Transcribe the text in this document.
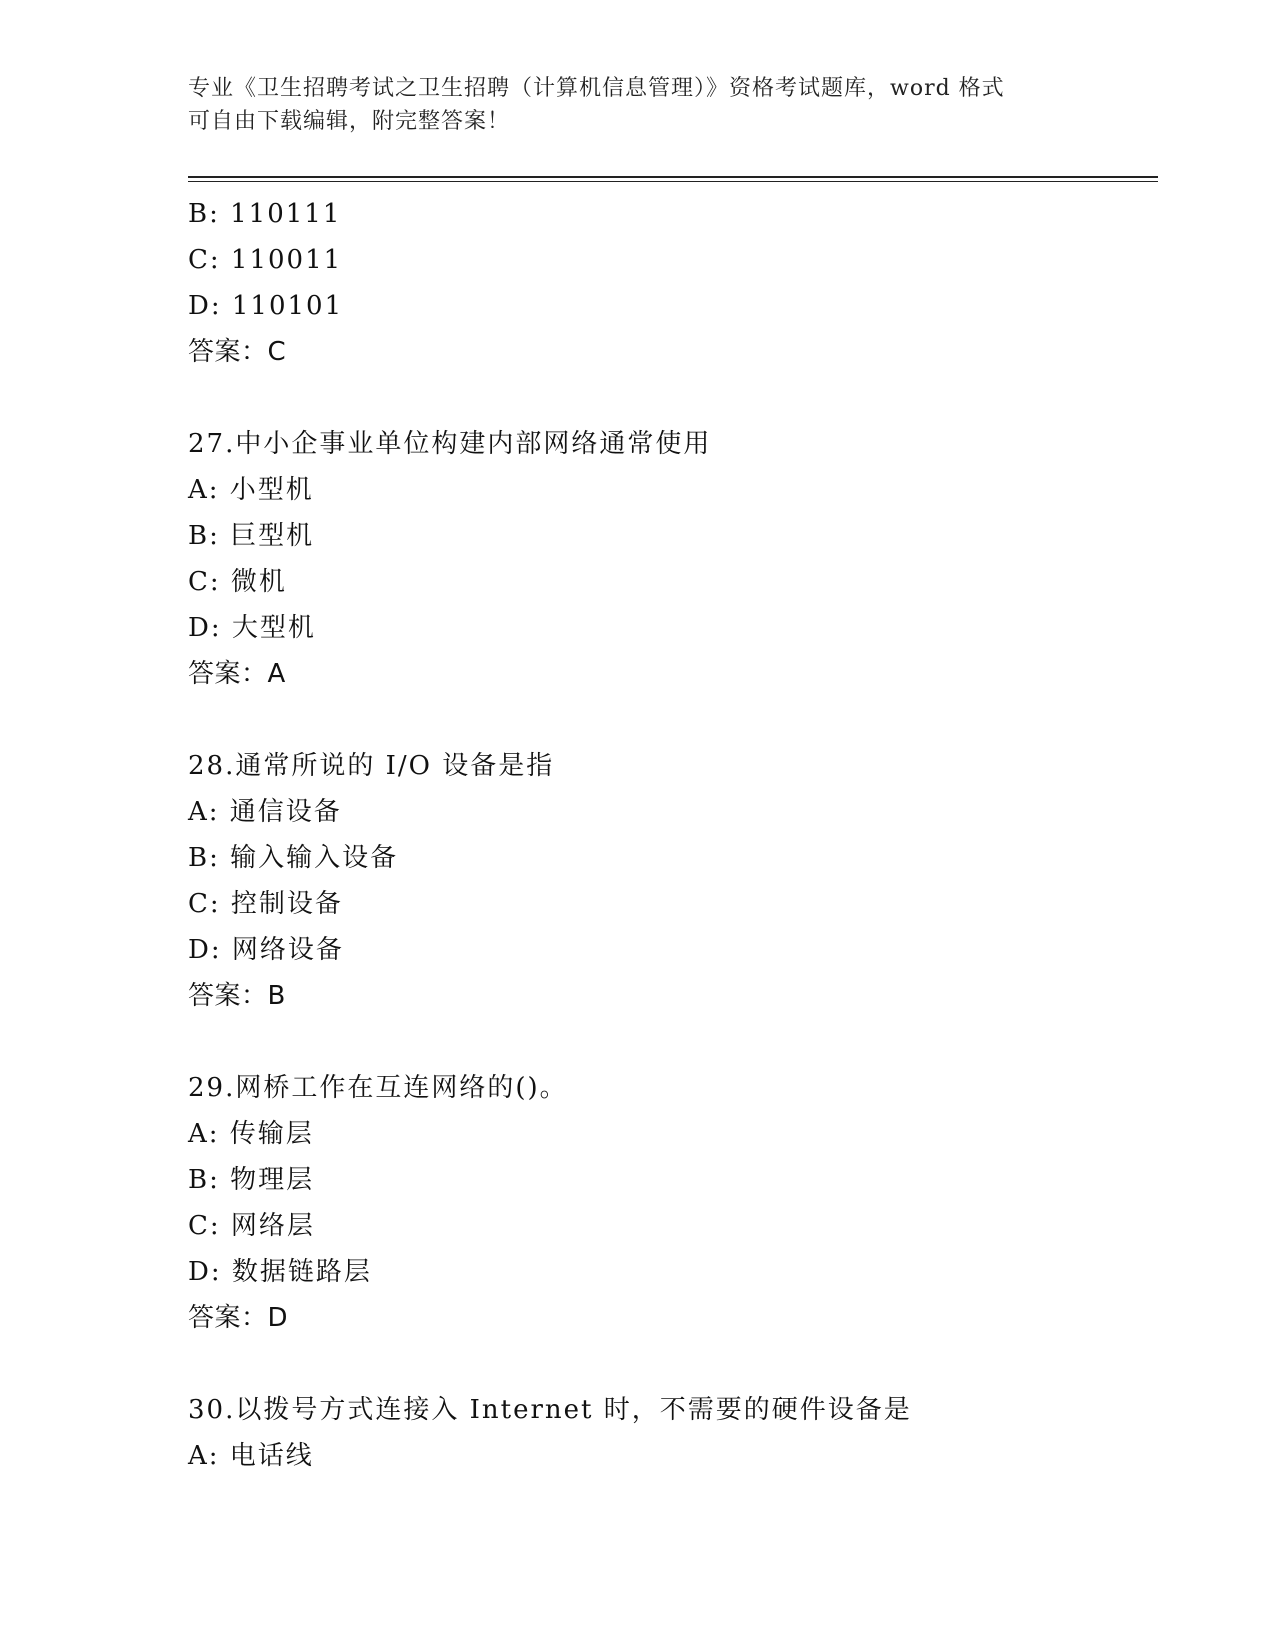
专业《卫生招聘考试之卫生招聘（计算机信息管理）》资格考试题库，word 格式
可自由下载编辑，附完整答案！
B: 110111
C: 110011
D: 110101
答案：C
27.中小企事业单位构建内部网络通常使用
A: 小型机
B: 巨型机
C: 微机
D: 大型机
答案：A
28.通常所说的 I/O 设备是指
A: 通信设备
B: 输入输入设备
C: 控制设备
D: 网络设备
答案：B
29.网桥工作在互连网络的()。
A: 传输层
B: 物理层
C: 网络层
D: 数据链路层
答案：D
30.以拨号方式连接入 Internet 时，不需要的硬件设备是
A: 电话线
